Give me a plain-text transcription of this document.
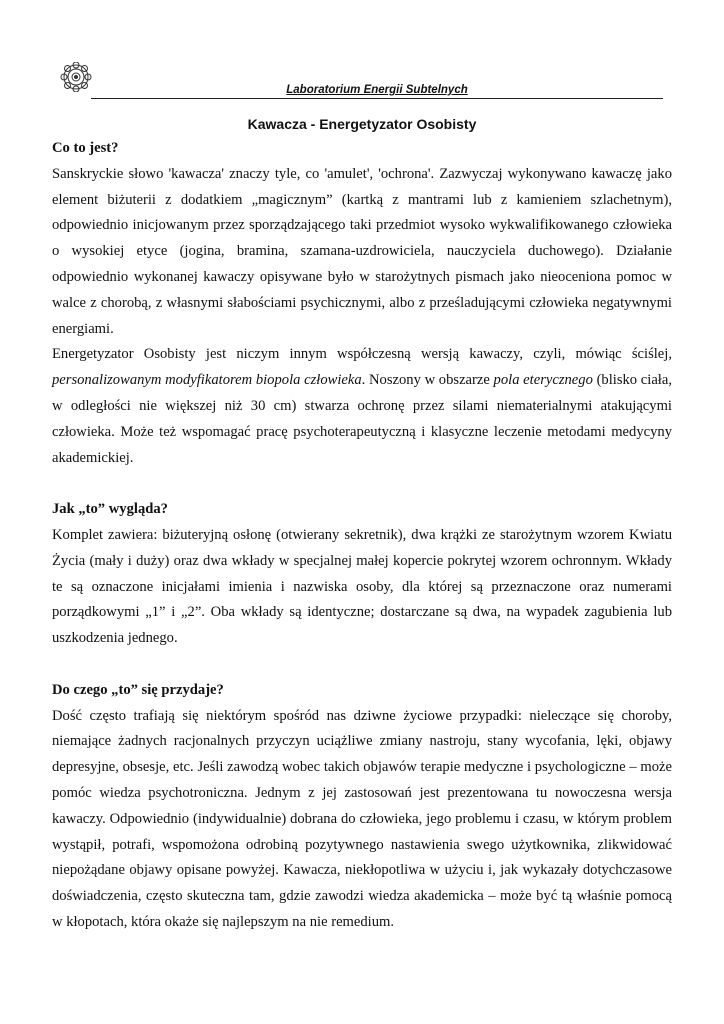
Laboratorium Energii Subtelnych
Kawacza - Energetyzator Osobisty
Co to jest?

Sanskryckie słowo 'kawacza' znaczy tyle, co 'amulet', 'ochrona'. Zazwyczaj wykonywano kawaczę jako element biżuterii z dodatkiem „magicznym” (kartką z mantrami lub z kamieniem szlachetnym), odpowiednio inicjowanym przez sporządzającego taki przedmiot wysoko wykwalifikowanego człowieka o wysokiej etyce (jogina, bramina, szamana-uzdrowiciela, nauczyciela duchowego). Działanie odpowiednio wykonanej kawaczy opisywane było w starożytnych pismach jako nieoceniona pomoc w walce z chorobą, z własnymi słabościami psychicznymi, albo z prześladującymi człowieka negatywnymi energiami.

Energetyzator Osobisty jest niczym innym współczesną wersją kawaczy, czyli, mówiąc ściślej, personalizowanym modyfikatorem biopola człowieka. Noszony w obszarze pola eterycznego (blisko ciała, w odległości nie większej niż 30 cm) stwarza ochronę przez silami niematerialnymi atakującymi człowieka. Może też wspomagać pracę psychoterapeutyczną i klasyczne leczenie metodami medycyny akademickiej.

Jak „to” wygląda?

Komplet zawiera: biżuteryjną osłonę (otwierany sekretnik), dwa krążki ze starożytnym wzorem Kwiatu Życia (mały i duży) oraz dwa wkłady w specjalnej małej kopercie pokrytej wzorem ochronnym. Wkłady te są oznaczone inicjałami imienia i nazwiska osoby, dla której są przeznaczone oraz numerami porządkowymi „1” i „2”. Oba wkłady są identyczne; dostarczane są dwa, na wypadek zagubienia lub uszkodzenia jednego.

Do czego „to” się przydaje?

Dość często trafiają się niektórym spośród nas dziwne życiowe przypadki: nieleczące się choroby, niemające żadnych racjonalnych przyczyn uciążliwe zmiany nastroju, stany wycofania, lęki, objawy depresyjne, obsesje, etc. Jeśli zawodzą wobec takich objawów terapie medyczne i psychologiczne – może pomóc wiedza psychotroniczna. Jednym z jej zastosowań jest prezentowana tu nowoczesna wersja kawaczy. Odpowiednio (indywidualnie) dobrana do człowieka, jego problemu i czasu, w którym problem wystąpił, potrafi, wspomożona odrobiną pozytywnego nastawienia swego użytkownika, zlikwidować niepożądane objawy opisane powyżej. Kawacza, niekłopotliwa w użyciu i, jak wykazały dotychczasowe doświadczenia, często skuteczna tam, gdzie zawodzi wiedza akademicka – może być tą właśnie pomocą w kłopotach, która okaże się najlepszym na nie remedium.
